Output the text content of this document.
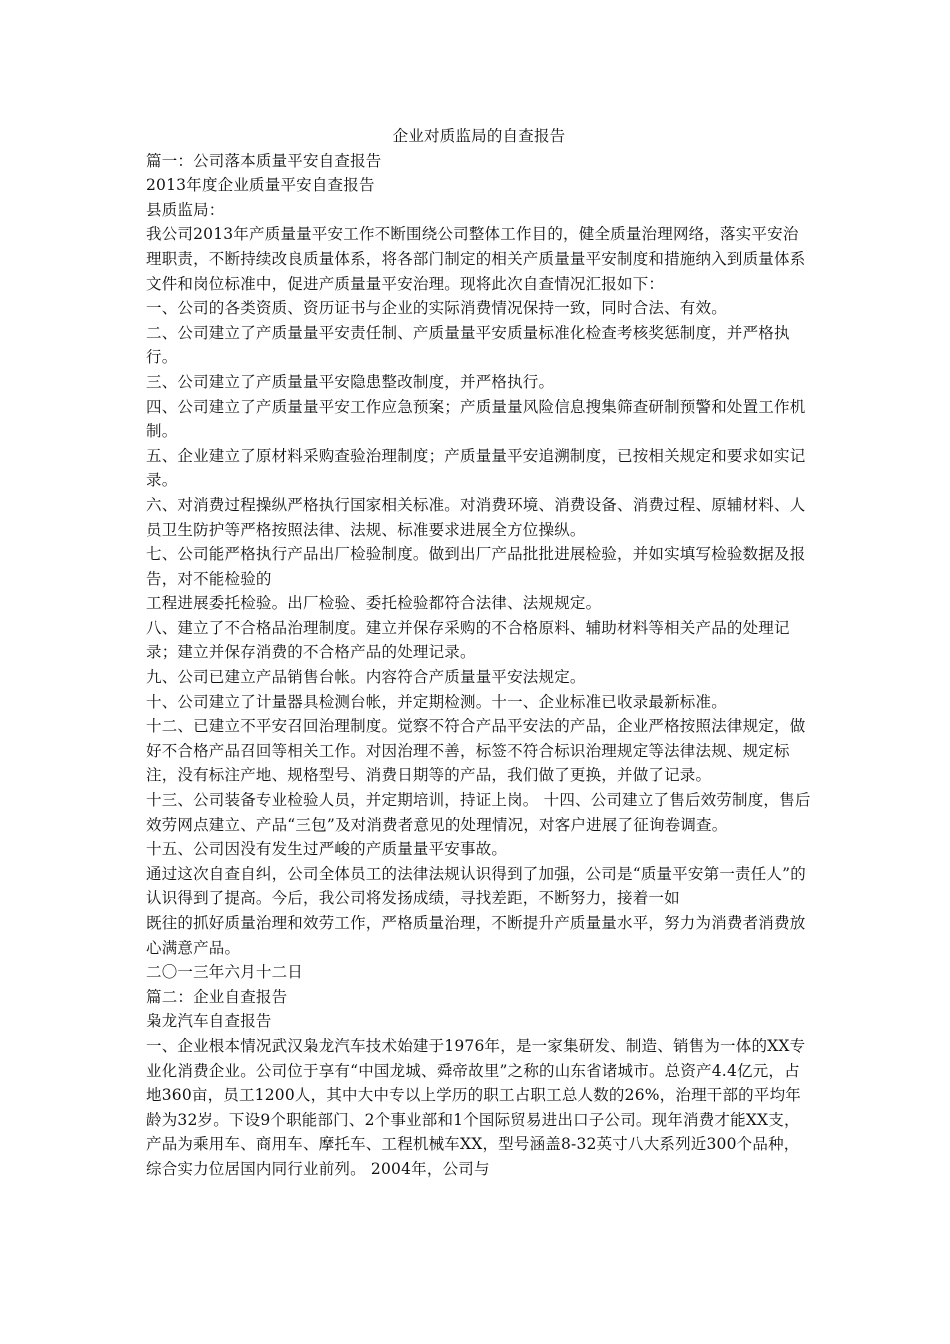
企业对质监局的自查报告

篇一：公司落本质量平安自查报告

2013年度企业质量平安自查报告

县质监局：

我公司2013年产质量量平安工作不断围绕公司整体工作目的，健全质量治理网络，落实平安治理职责，不断持续改良质量体系，将各部门制定的相关产质量量平安制度和措施纳入到质量体系文件和岗位标准中，促进产质量量平安治理。现将此次自查情况汇报如下：

一、公司的各类资质、资历证书与企业的实际消费情况保持一致，同时合法、有效。

二、公司建立了产质量量平安责任制、产质量量平安质量标准化检查考核奖惩制度，并严格执行。

三、公司建立了产质量量平安隐患整改制度，并严格执行。

四、公司建立了产质量量平安工作应急预案；产质量量风险信息搜集筛查研制预警和处置工作机制。

五、企业建立了原材料采购查验治理制度；产质量量平安追溯制度，已按相关规定和要求如实记录。

六、对消费过程操纵严格执行国家相关标准。对消费环境、消费设备、消费过程、原辅材料、人员卫生防护等严格按照法律、法规、标准要求进展全方位操纵。

七、公司能严格执行产品出厂检验制度。做到出厂产品批批进展检验，并如实填写检验数据及报告，对不能检验的

工程进展委托检验。出厂检验、委托检验都符合法律、法规规定。

八、建立了不合格品治理制度。建立并保存采购的不合格原料、辅助材料等相关产品的处理记录；建立并保存消费的不合格产品的处理记录。

九、公司已建立产品销售台帐。内容符合产质量量平安法规定。

十、公司建立了计量器具检测台帐，并定期检测。十一、企业标准已收录最新标准。

十二、已建立不平安召回治理制度。觉察不符合产品平安法的产品，企业严格按照法律规定，做好不合格产品召回等相关工作。对因治理不善，标签不符合标识治理规定等法律法规、规定标注，没有标注产地、规格型号、消费日期等的产品，我们做了更换，并做了记录。

十三、公司装备专业检验人员，并定期培训，持证上岗。 十四、公司建立了售后效劳制度，售后效劳网点建立、产品“三包”及对消费者意见的处理情况，对客户进展了征询卷调查。

十五、公司因没有发生过严峻的产质量量平安事故。

通过这次自查自纠，公司全体员工的法律法规认识得到了加强，公司是“质量平安第一责任人”的认识得到了提高。今后，我公司将发扬成绩，寻找差距，不断努力，接着一如

既往的抓好质量治理和效劳工作，严格质量治理，不断提升产质量量水平，努力为消费者消费放心满意产品。

二〇一三年六月十二日

篇二：企业自查报告

枭龙汽车自查报告

一、企业根本情况武汉枭龙汽车技术始建于1976年，是一家集研发、制造、销售为一体的XX专业化消费企业。公司位于享有“中国龙城、舜帝故里”之称的山东省诸城市。总资产4.4亿元，占地360亩，员工1200人，其中大中专以上学历的职工占职工总人数的26%，治理干部的平均年龄为32岁。下设9个职能部门、2个事业部和1个国际贸易进出口子公司。现年消费才能XX支，产品为乘用车、商用车、摩托车、工程机械车XX，型号涵盖8-32英寸八大系列近300个品种，综合实力位居国内同行业前列。 2004年，公司与
